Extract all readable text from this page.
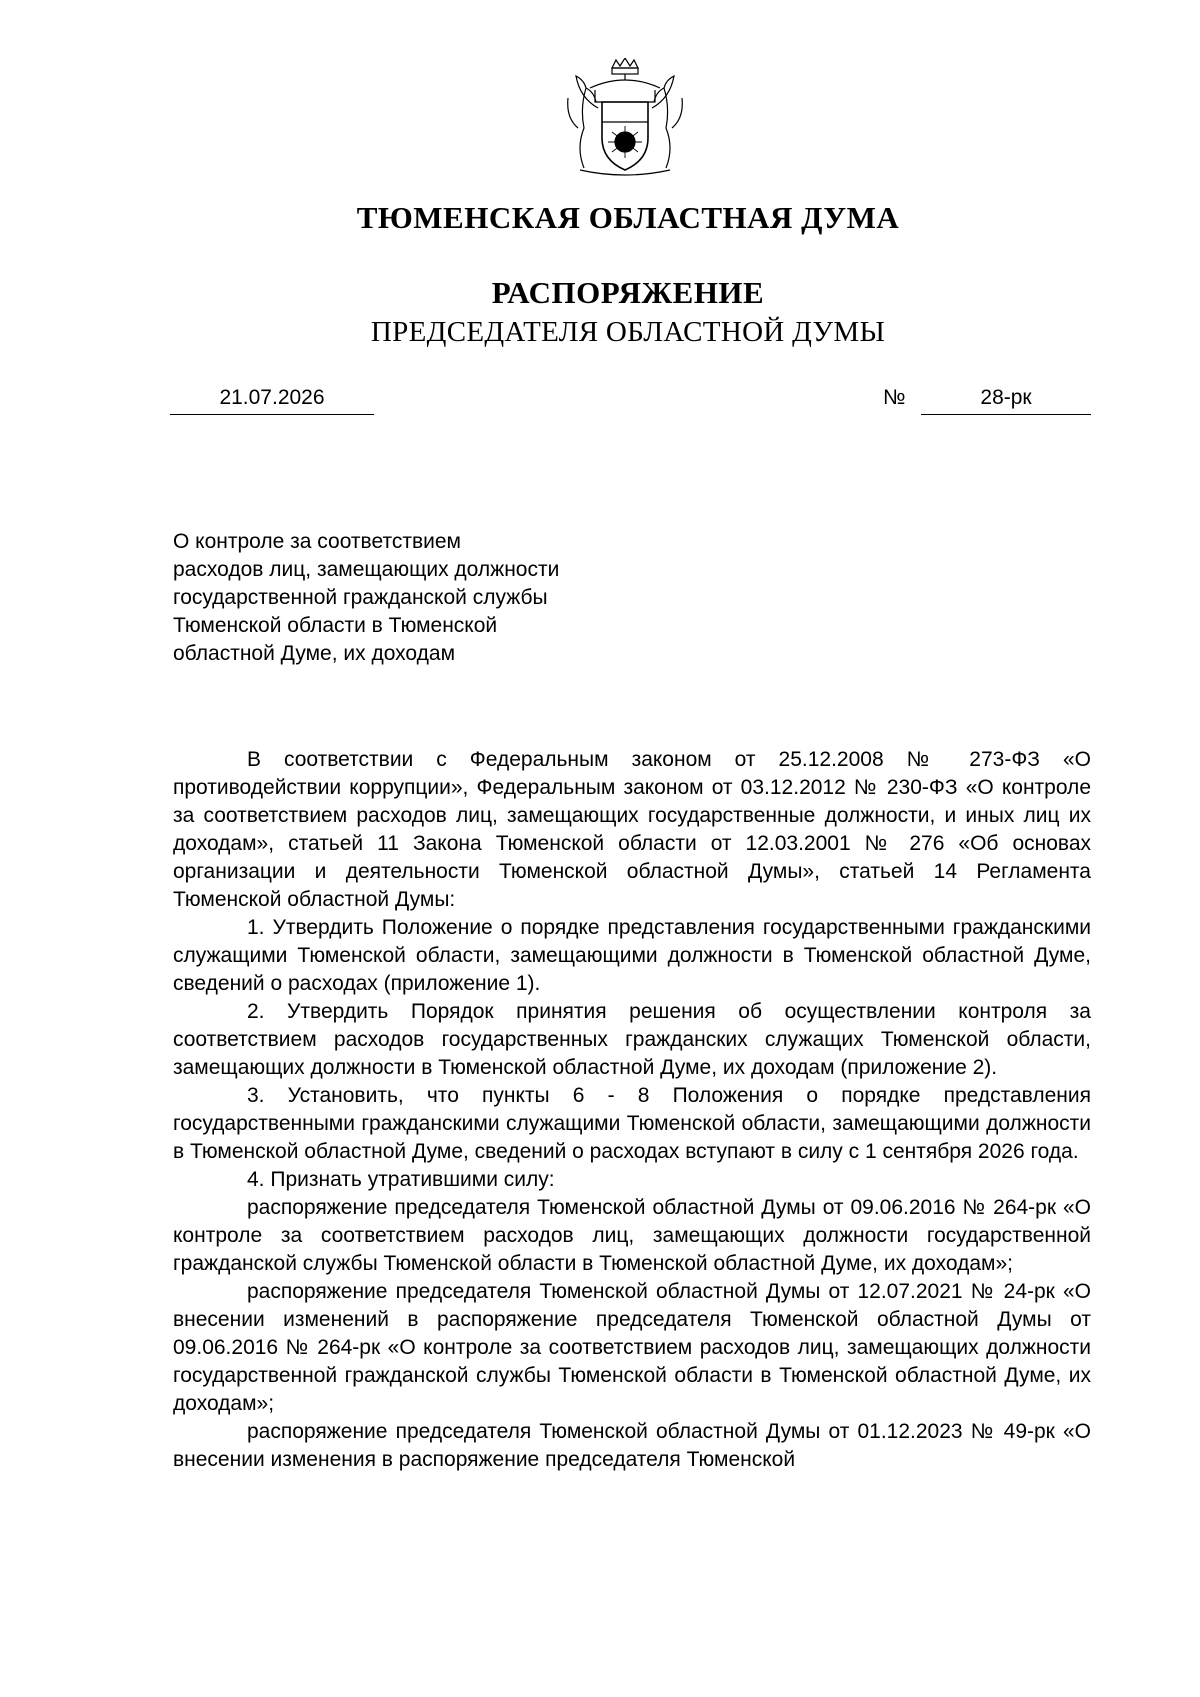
ТЮМЕНСКАЯ ОБЛАСТНАЯ ДУМА
РАСПОРЯЖЕНИЕ
ПРЕДСЕДАТЕЛЯ ОБЛАСТНОЙ ДУМЫ
21.07.2026	№	28-рк
О контроле за соответствием
расходов лиц, замещающих должности
государственной гражданской службы
Тюменской области в Тюменской
областной Думе, их доходам

В соответствии с Федеральным законом от 25.12.2008 № 273-ФЗ «О противодействии коррупции», Федеральным законом от 03.12.2012 № 230-ФЗ «О контроле за соответствием расходов лиц, замещающих государственные должности, и иных лиц их доходам», статьей 11 Закона Тюменской области от 12.03.2001 № 276 «Об основах организации и деятельности Тюменской областной Думы», статьей 14 Регламента Тюменской областной Думы:

1. Утвердить Положение о порядке представления государственными гражданскими служащими Тюменской области, замещающими должности в Тюменской областной Думе, сведений о расходах (приложение 1).

2. Утвердить Порядок принятия решения об осуществлении контроля за соответствием расходов государственных гражданских служащих Тюменской области, замещающих должности в Тюменской областной Думе, их доходам (приложение 2).

3. Установить, что пункты 6 - 8 Положения о порядке представления государственными гражданскими служащими Тюменской области, замещающими должности в Тюменской областной Думе, сведений о расходах вступают в силу с 1 сентября 2026 года.

4. Признать утратившими силу:

распоряжение председателя Тюменской областной Думы от 09.06.2016 № 264-рк «О контроле за соответствием расходов лиц, замещающих должности государственной гражданской службы Тюменской области в Тюменской областной Думе, их доходам»;

распоряжение председателя Тюменской областной Думы от 12.07.2021 № 24-рк «О внесении изменений в распоряжение председателя Тюменской областной Думы от 09.06.2016 № 264-рк «О контроле за соответствием расходов лиц, замещающих должности государственной гражданской службы Тюменской области в Тюменской областной Думе, их доходам»;

распоряжение председателя Тюменской областной Думы от 01.12.2023 № 49-рк «О внесении изменения в распоряжение председателя Тюменской
